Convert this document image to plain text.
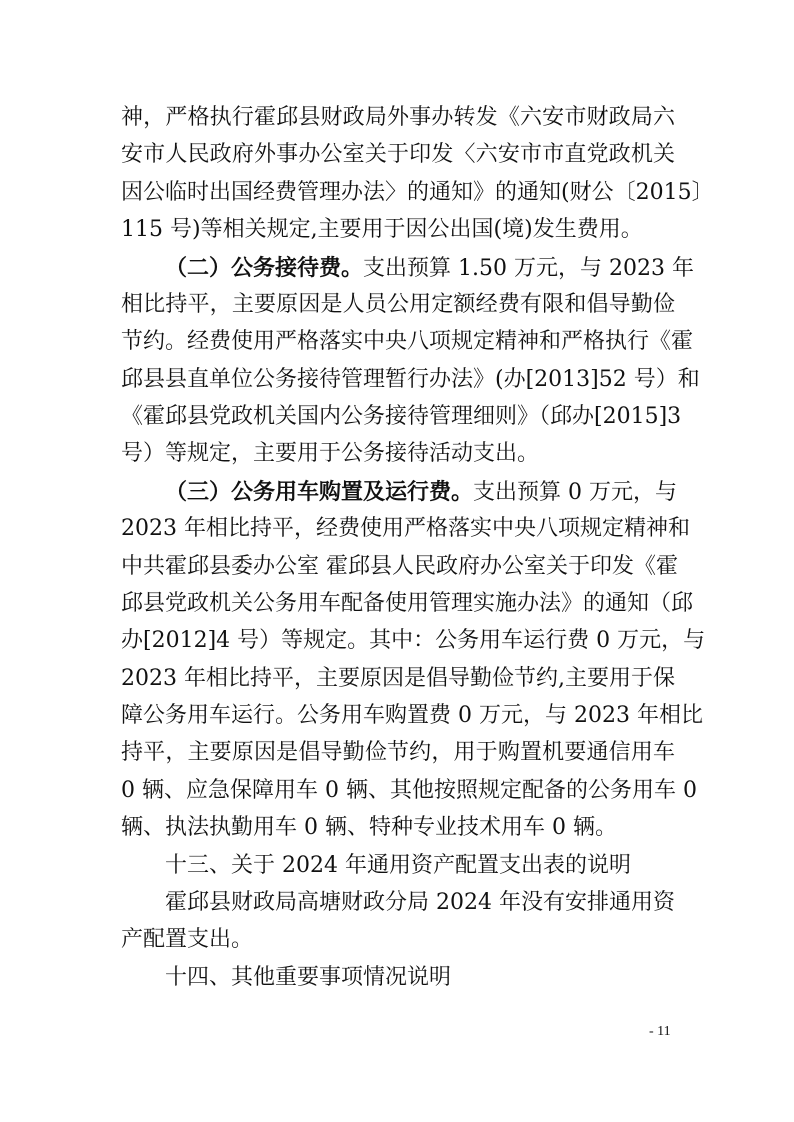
神，严格执行霍邱县财政局外事办转发《六安市财政局六
安市人民政府外事办公室关于印发〈六安市市直党政机关
因公临时出国经费管理办法〉的通知》的通知(财公〔2015〕
115 号)等相关规定,主要用于因公出国(境)发生费用。
（二）公务接待费。支出预算 1.50 万元，与 2023 年
相比持平，主要原因是人员公用定额经费有限和倡导勤俭
节约。经费使用严格落实中央八项规定精神和严格执行《霍
邱县县直单位公务接待管理暂行办法》(办[2013]52 号）和
《霍邱县党政机关国内公务接待管理细则》（邱办[2015]3
号）等规定，主要用于公务接待活动支出。
（三）公务用车购置及运行费。支出预算 0 万元，与
2023 年相比持平，经费使用严格落实中央八项规定精神和
中共霍邱县委办公室 霍邱县人民政府办公室关于印发《霍
邱县党政机关公务用车配备使用管理实施办法》的通知（邱
办[2012]4 号）等规定。其中：公务用车运行费 0 万元，与
2023 年相比持平，主要原因是倡导勤俭节约,主要用于保
障公务用车运行。公务用车购置费 0 万元，与 2023 年相比
持平，主要原因是倡导勤俭节约，用于购置机要通信用车
0 辆、应急保障用车 0 辆、其他按照规定配备的公务用车 0
辆、执法执勤用车 0 辆、特种专业技术用车 0 辆。
十三、关于 2024 年通用资产配置支出表的说明
霍邱县财政局高塘财政分局 2024 年没有安排通用资
产配置支出。
- 11
十四、其他重要事项情况说明
